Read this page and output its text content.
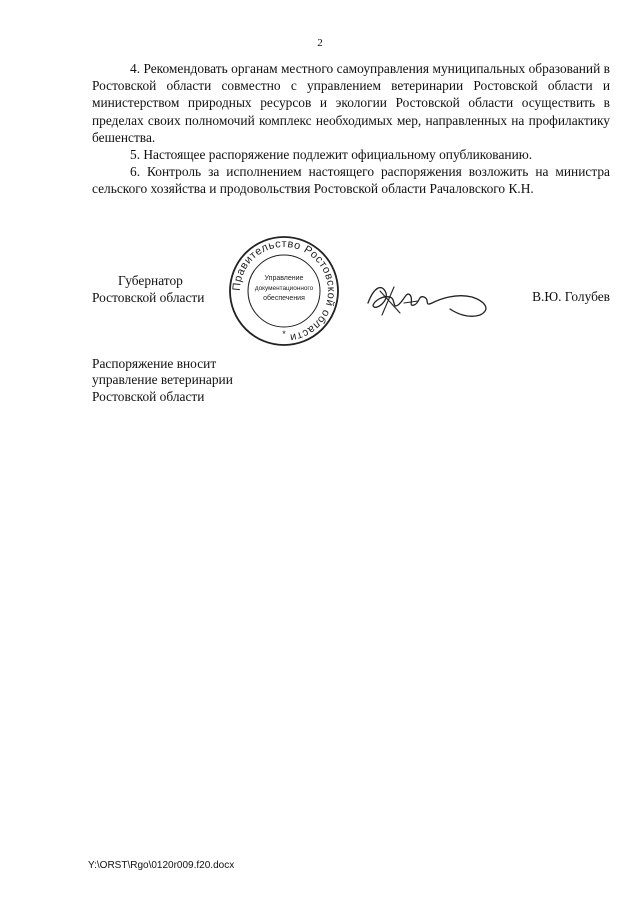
2

4. Рекомендовать органам местного самоуправления муниципальных образований в Ростовской области совместно с управлением ветеринарии Ростовской области и министерством природных ресурсов и экологии Ростовской области осуществить в пределах своих полномочий комплекс необходимых мер, направленных на профилактику бешенства.

5. Настоящее распоряжение подлежит официальному опубликованию.

6. Контроль за исполнением настоящего распоряжения возложить на министра сельского хозяйства и продовольствия Ростовской области Рачаловского К.Н.

Губернатор
Ростовской области
Правительство Ростовской области
Управление
документационного
обеспечения
*
В.Ю. Голубев
Распоряжение вносит
управление ветеринарии
Ростовской области
Y:\ORST\Rgo\0120r009.f20.docx
